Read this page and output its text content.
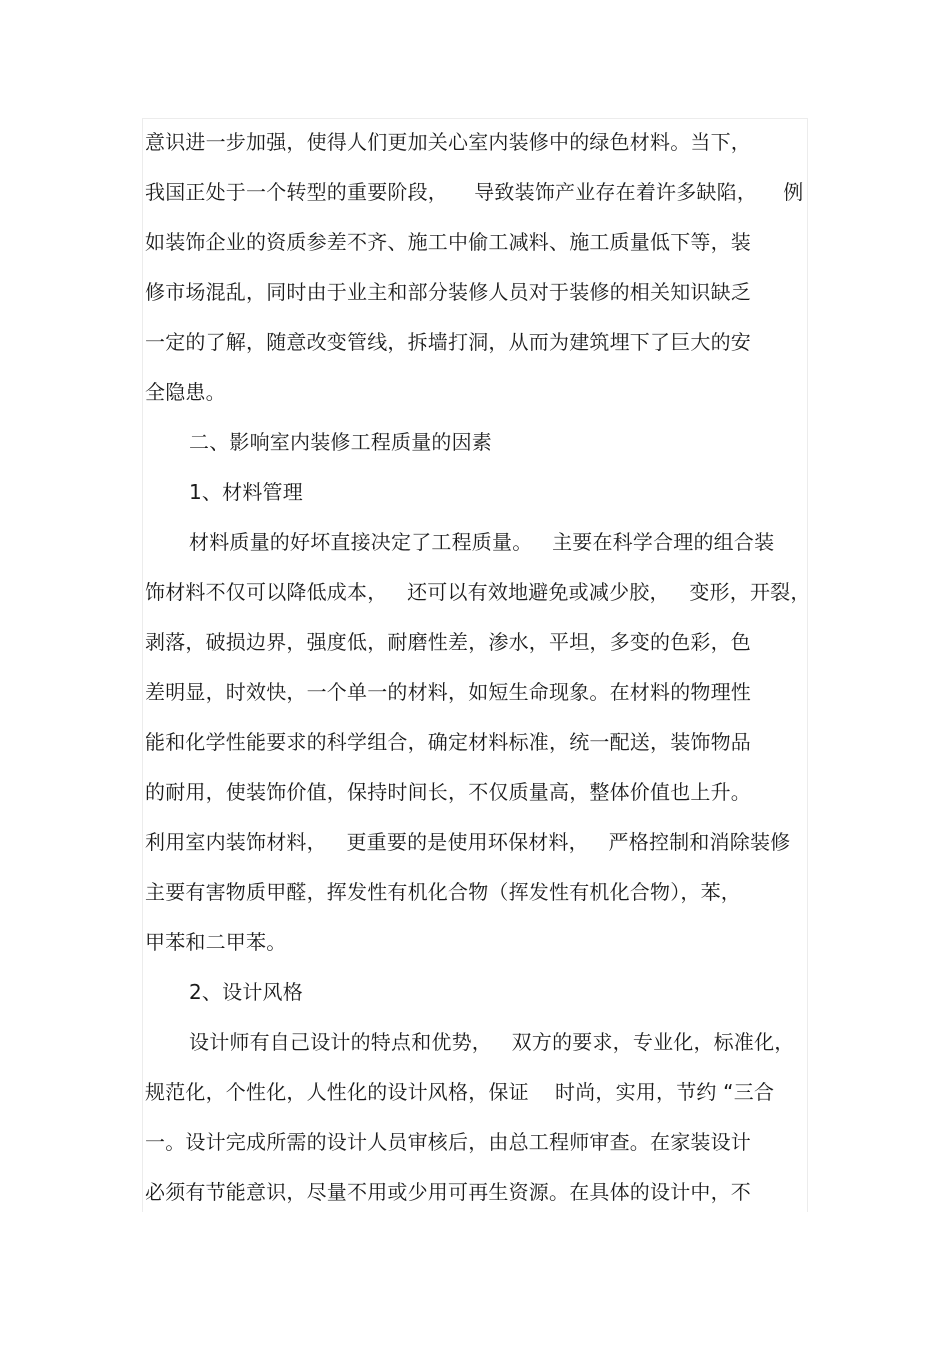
意识进一步加强，使得人们更加关心室内装修中的绿色材料。当下，
我国正处于一个转型的重要阶段，    导致装饰产业存在着许多缺陷，    例
如装饰企业的资质参差不齐、施工中偷工减料、施工质量低下等，装
修市场混乱，同时由于业主和部分装修人员对于装修的相关知识缺乏
一定的了解，随意改变管线，拆墙打洞，从而为建筑埋下了巨大的安
全隐患。
二、影响室内装修工程质量的因素
1、材料管理
材料质量的好坏直接决定了工程质量。   主要在科学合理的组合装
饰材料不仅可以降低成本，   还可以有效地避免或减少胶，   变形，开裂，
剥落，破损边界，强度低，耐磨性差，渗水，平坦，多变的色彩，色
差明显，时效快，一个单一的材料，如短生命现象。在材料的物理性
能和化学性能要求的科学组合，确定材料标准，统一配送，装饰物品
的耐用，使装饰价值，保持时间长，不仅质量高，整体价值也上升。
利用室内装饰材料，   更重要的是使用环保材料，   严格控制和消除装修
主要有害物质甲醛，挥发性有机化合物（挥发性有机化合物），苯，
甲苯和二甲苯。
2、设计风格
设计师有自己设计的特点和优势，   双方的要求，专业化，标准化，
规范化，个性化，人性化的设计风格，保证    时尚，实用，节约 “三合
一。设计完成所需的设计人员审核后，由总工程师审查。在家装设计
必须有节能意识，尽量不用或少用可再生资源。在具体的设计中，不
